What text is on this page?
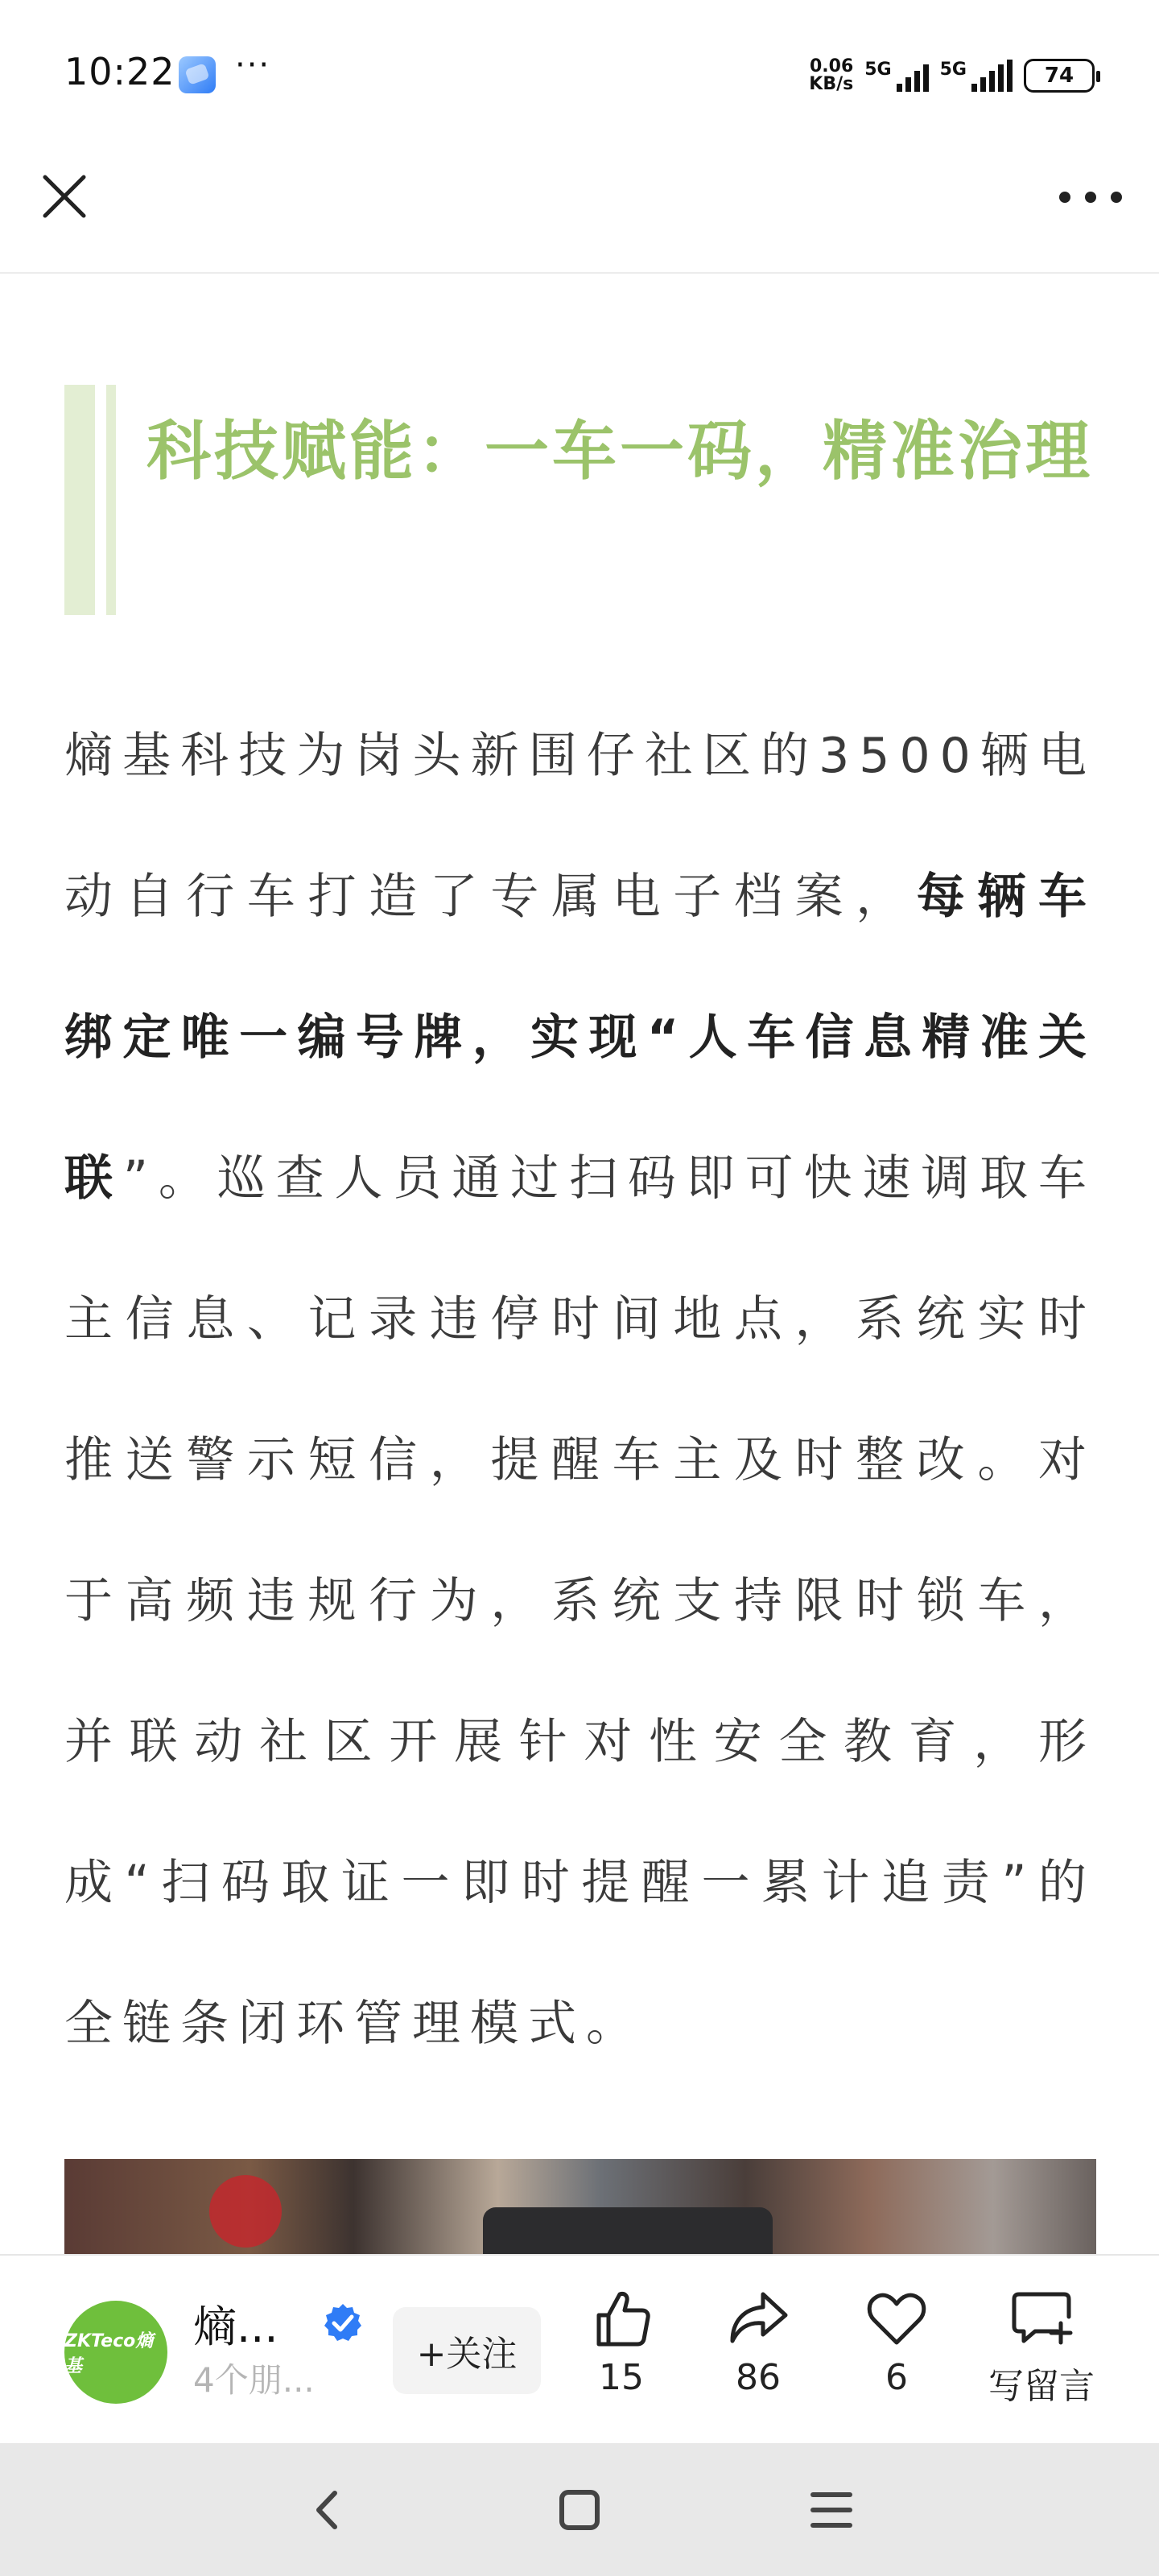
10:22 ···	0.06
KB/s
5G	5G	74
科技赋能：一车一码，精准治理
熵基科技为岗头新围仔社区的3500辆电动自行车打造了专属电子档案，每辆车绑定唯一编号牌，实现“人车信息精准关联”。巡查人员通过扫码即可快速调取车主信息、记录违停时间地点，系统实时推送警示短信，提醒车主及时整改。对于高频违规行为，系统支持限时锁车，并联动社区开展针对性安全教育，形成“扫码取证一即时提醒一累计追责”的全链条闭环管理模式。
ZKTeco熵基
熵...
4个朋...
+关注
15	86	6 写留言
